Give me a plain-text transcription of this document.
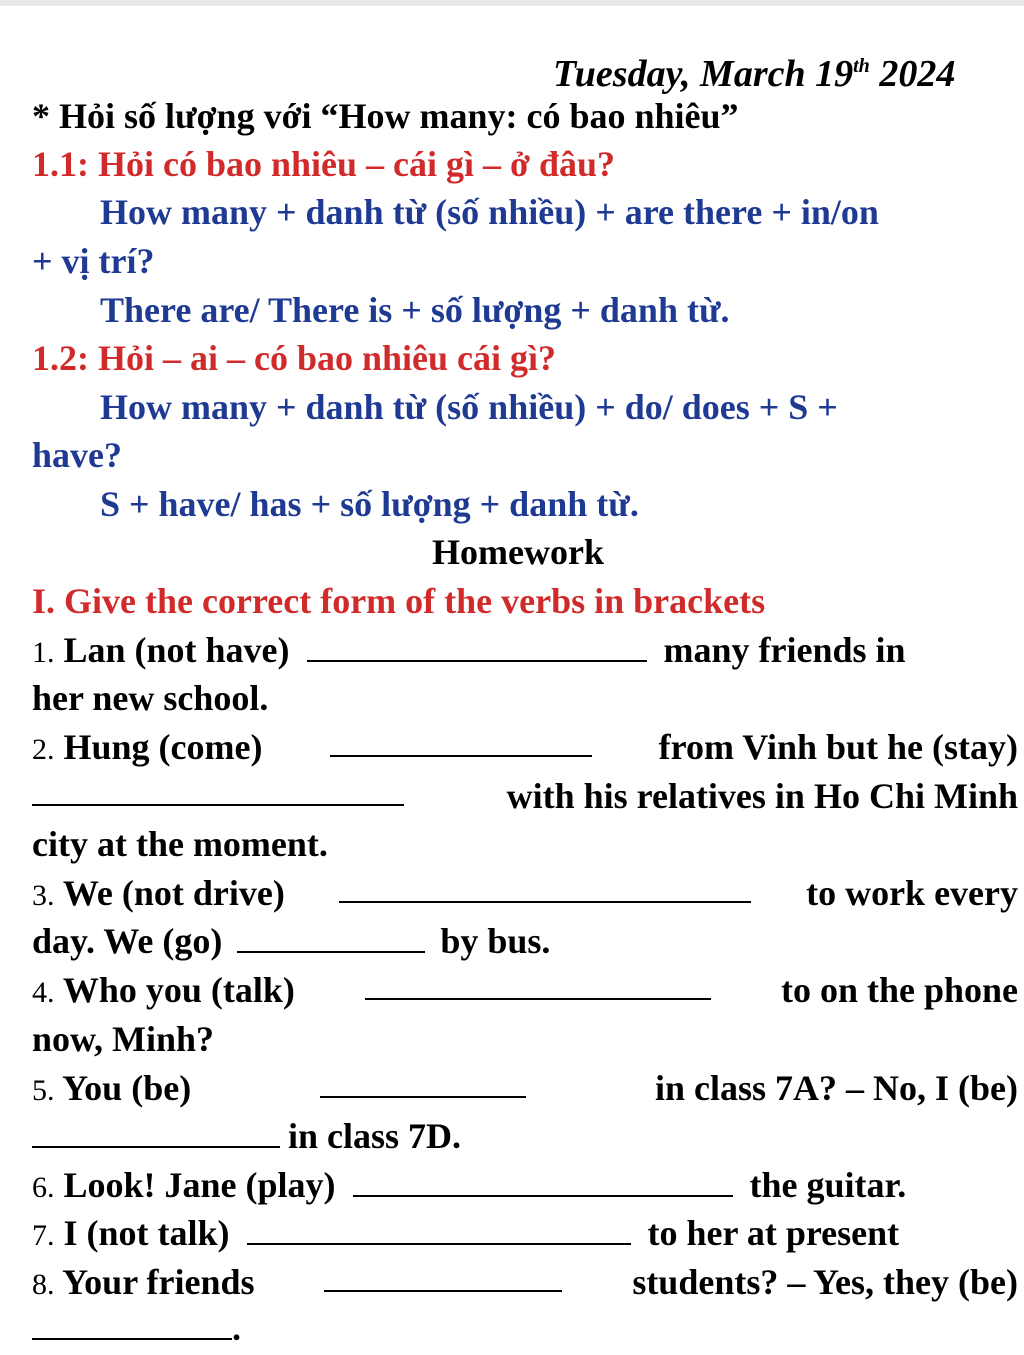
Tuesday, March 19th 2024
* Hỏi số lượng với “How many: có bao nhiêu”
1.1: Hỏi có bao nhiêu – cái gì – ở đâu?
How many + danh từ (số nhiều) + are there + in/on
+ vị trí?
There are/ There is + số lượng + danh từ.
1.2: Hỏi – ai – có bao nhiêu cái gì?
How many + danh từ (số nhiều) + do/ does + S +
have?
S + have/ has + số lượng + danh từ.
Homework
I. Give the correct form of the verbs in brackets
1. Lan (not have)	many friends in
her new school.
2. Hung (come)	from Vinh but he (stay)
with his relatives in Ho Chi Minh
city at the moment.
3. We (not drive)	to work every
day. We (go)	by bus.
4. Who you (talk)	to on the phone
now, Minh?
5. You (be)	in class 7A? – No, I (be)
in class 7D.
6. Look! Jane (play)	the guitar.
7. I (not talk)	to her at present
8. Your friends	students? – Yes, they (be)
.
